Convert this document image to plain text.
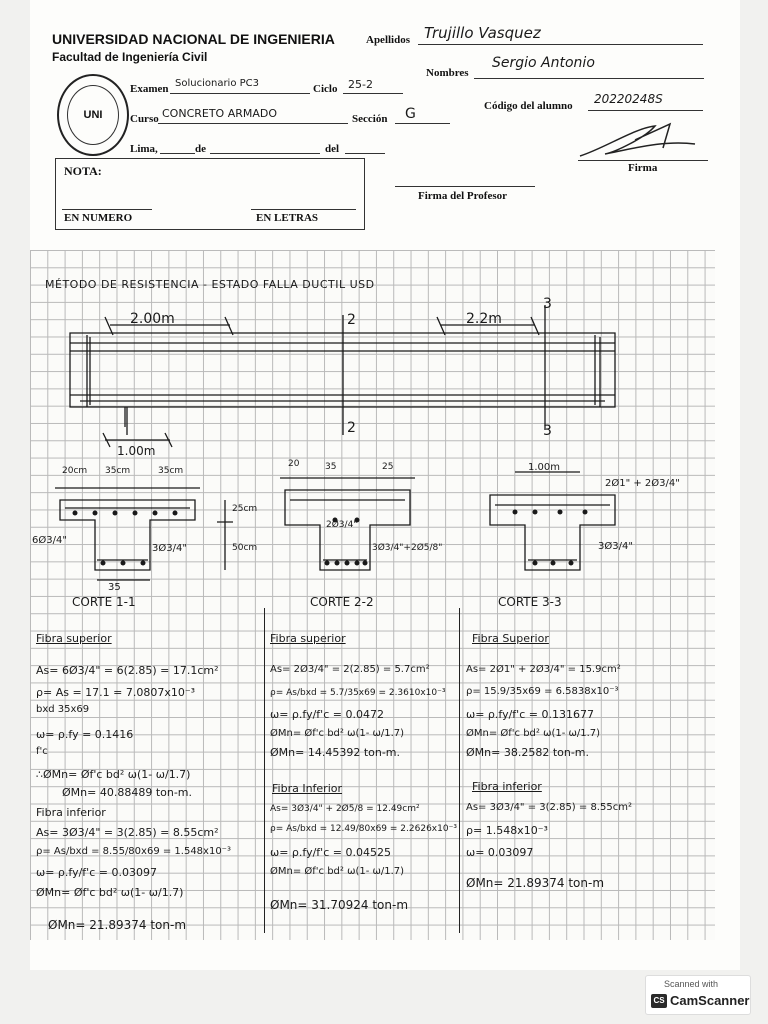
UNIVERSIDAD NACIONAL DE INGENIERIA
Facultad de Ingeniería Civil
UNI
Apellidos Trujillo Vasquez
Nombres
Sergio Antonio
Examen Solucionario PC3	Ciclo 25-2
Código del alumno 20220248S
Curso CONCRETO ARMADO	Sección G
Lima,	de	del
Firma
NOTA:
EN NUMERO	EN LETRAS
Firma del Profesor
MÉTODO DE RESISTENCIA - ESTADO FALLA DUCTIL USD
2.00m	2.2m
1.00m
2
2
3
3
20cm 35cm	35cm
25cm
50cm
35
6Ø3/4"
3Ø3/4"
20	35	25
2Ø3/4"
3Ø3/4"+2Ø5/8"
1.00m
2Ø1" + 2Ø3/4"
3Ø3/4"
CORTE 1-1	CORTE 2-2	CORTE 3-3
Fibra superior
As= 6Ø3/4" = 6(2.85) = 17.1cm²
ρ= As = 17.1 = 7.0807x10⁻³
bxd 35x69
ω= ρ.fy = 0.1416
f'c
∴ØMn= Øf'c bd² ω(1- ω/1.7)
ØMn= 40.88489 ton-m.
Fibra inferior
As= 3Ø3/4" = 3(2.85) = 8.55cm²
ρ= As/bxd = 8.55/80x69 = 1.548x10⁻³
ω= ρ.fy/f'c = 0.03097
ØMn= Øf'c bd² ω(1- ω/1.7)
ØMn= 21.89374 ton-m
Fibra superior
As= 2Ø3/4" = 2(2.85) = 5.7cm²
ρ= As/bxd = 5.7/35x69 = 2.3610x10⁻³
ω= ρ.fy/f'c = 0.0472
ØMn= Øf'c bd² ω(1- ω/1.7)
ØMn= 14.45392 ton-m.
Fibra Inferior
As= 3Ø3/4" + 2Ø5/8 = 12.49cm²
ρ= As/bxd = 12.49/80x69 = 2.2626x10⁻³
ω= ρ.fy/f'c = 0.04525
ØMn= Øf'c bd² ω(1- ω/1.7)
ØMn= 31.70924 ton-m
Fibra Superior
As= 2Ø1" + 2Ø3/4" = 15.9cm²
ρ= 15.9/35x69 = 6.5838x10⁻³
ω= ρ.fy/f'c = 0.131677
ØMn= Øf'c bd² ω(1- ω/1.7)
ØMn= 38.2582 ton-m.
Fibra inferior
As= 3Ø3/4" = 3(2.85) = 8.55cm²
ρ= 1.548x10⁻³
ω= 0.03097
ØMn= 21.89374 ton-m
Scanned with
CS CamScanner
